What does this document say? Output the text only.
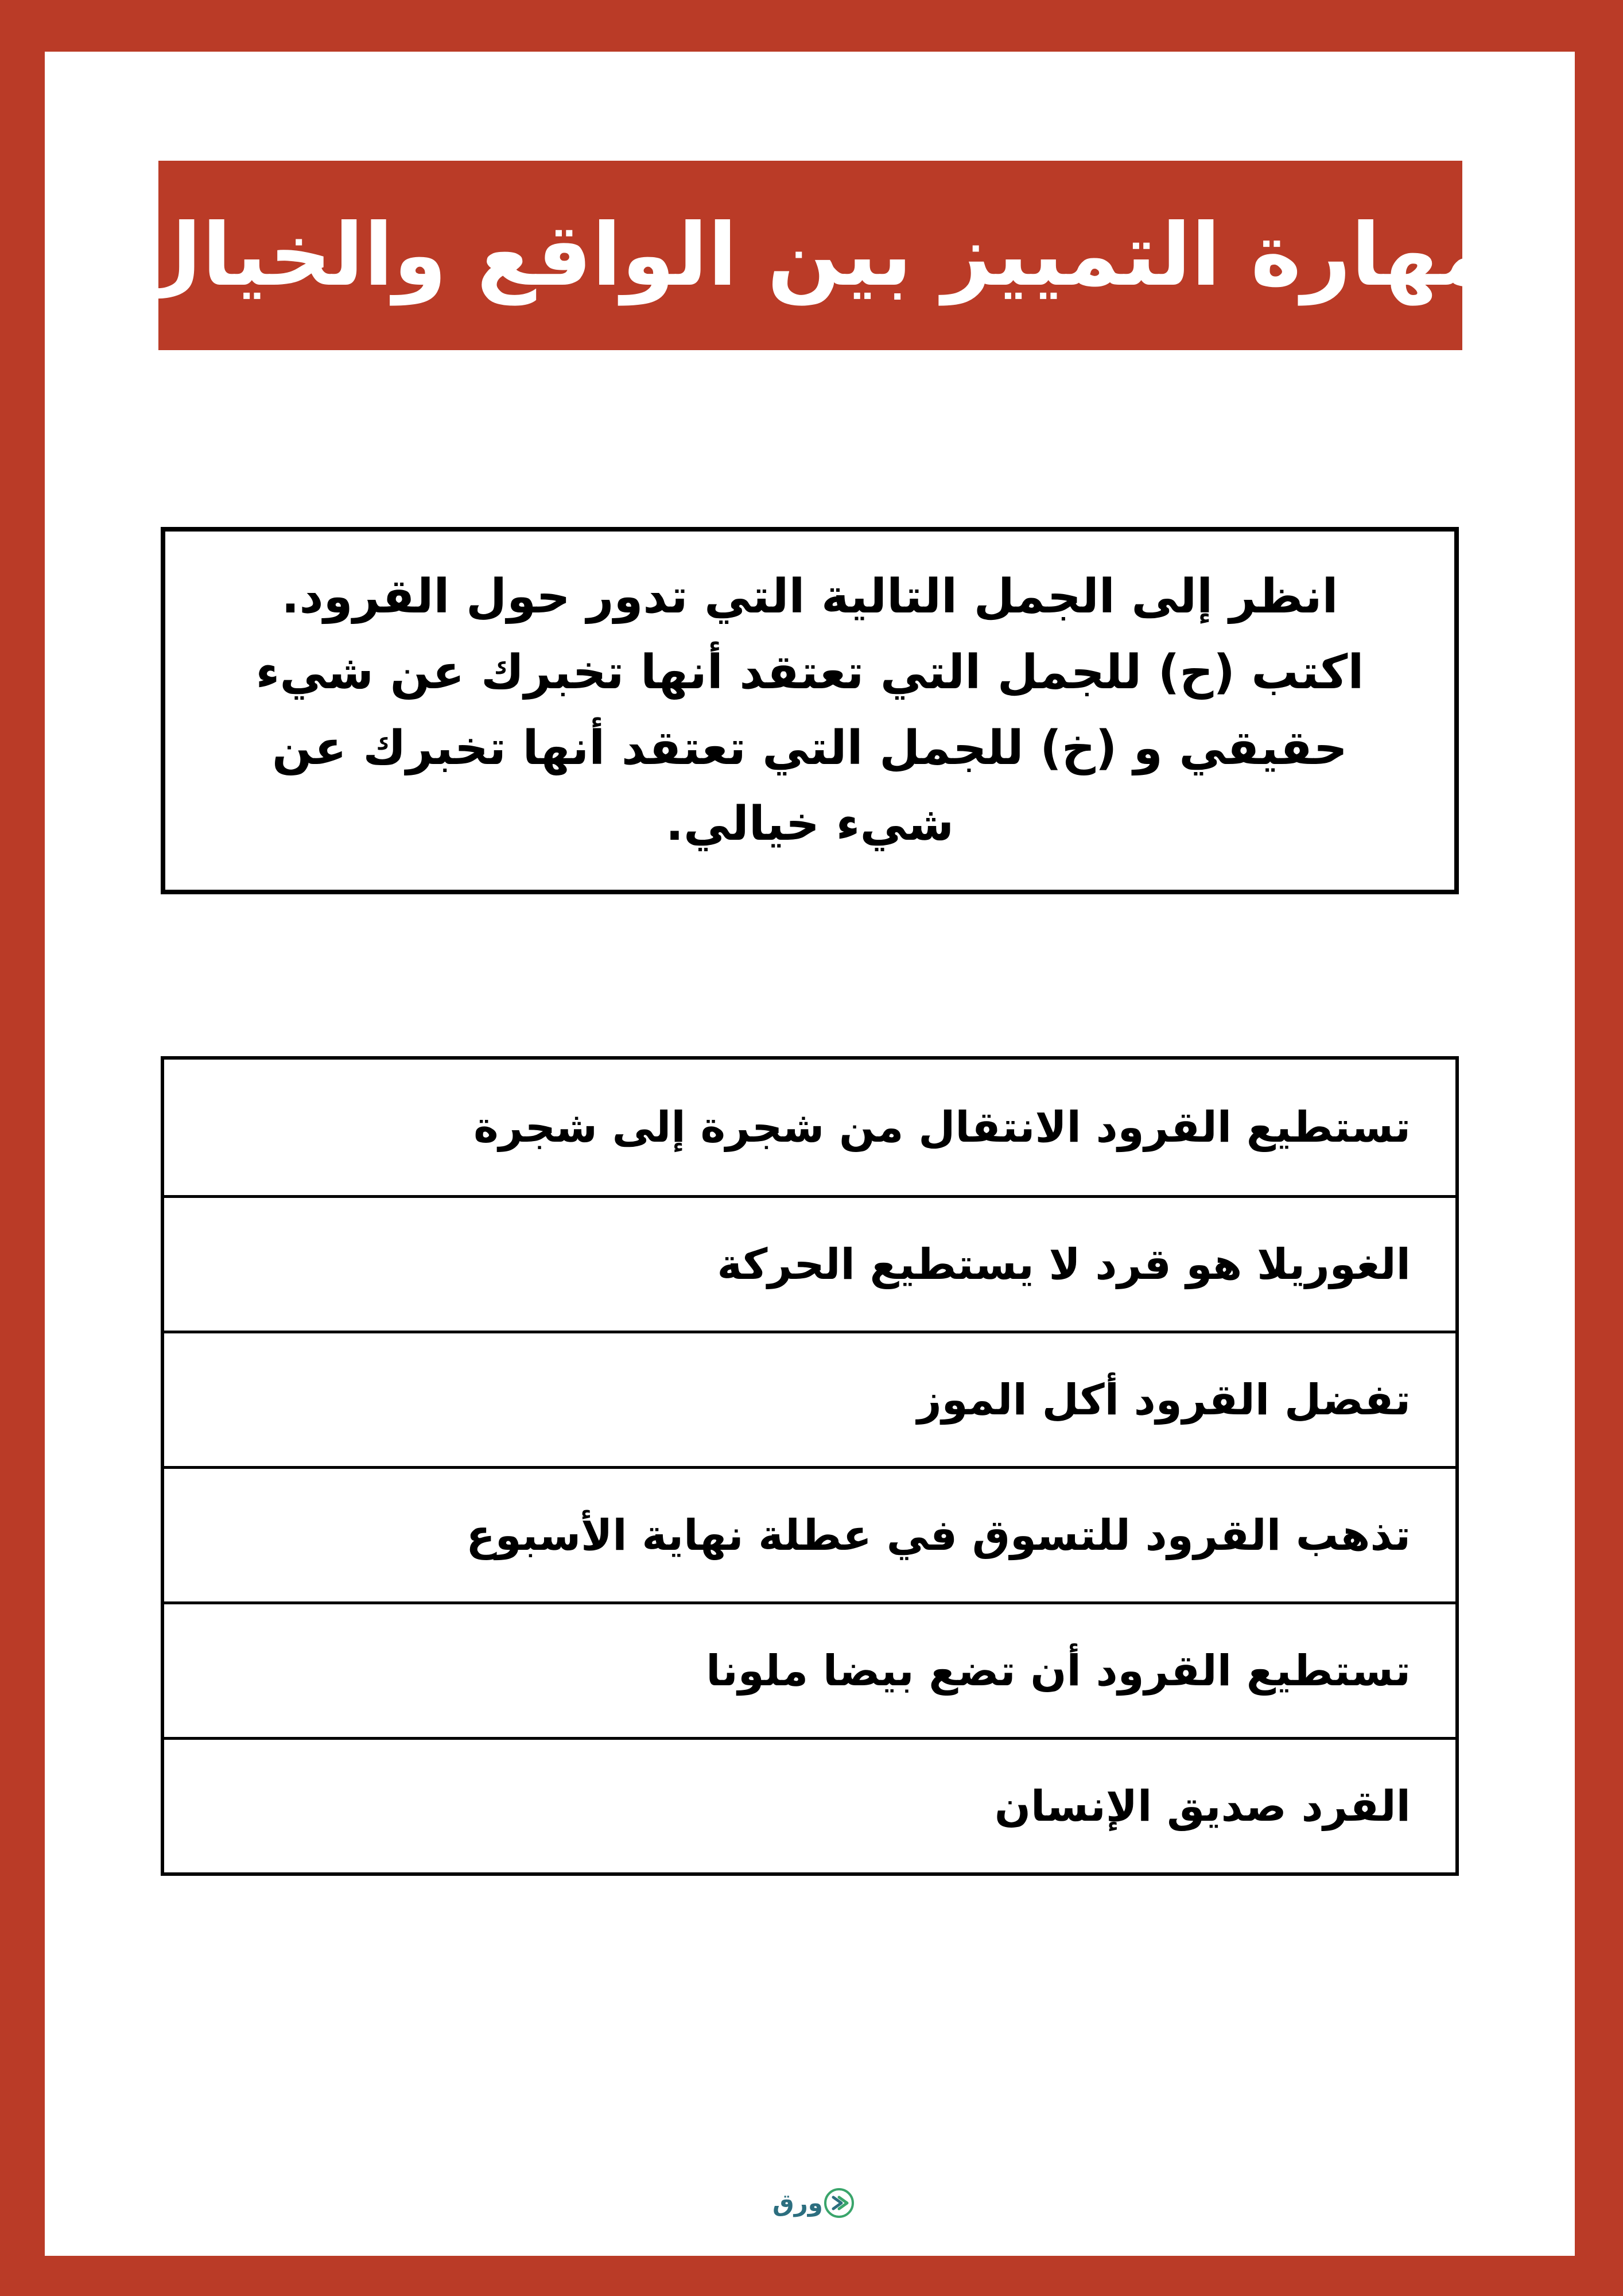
مهارة التمييز بين الواقع والخيال
انظر إلى الجمل التالية التي تدور حول القرود. اكتب (ح) للجمل التي تعتقد أنها تخبرك عن شيء حقيقي و (خ) للجمل التي تعتقد أنها تخبرك عن شيء خيالي.
تستطيع القرود الانتقال من شجرة إلى شجرة
الغوريلا هو قرد لا يستطيع الحركة
تفضل القرود أكل الموز
تذهب القرود للتسوق في عطلة نهاية الأسبوع
تستطيع القرود أن تضع بيضا ملونا
القرد صديق الإنسان
ورق
